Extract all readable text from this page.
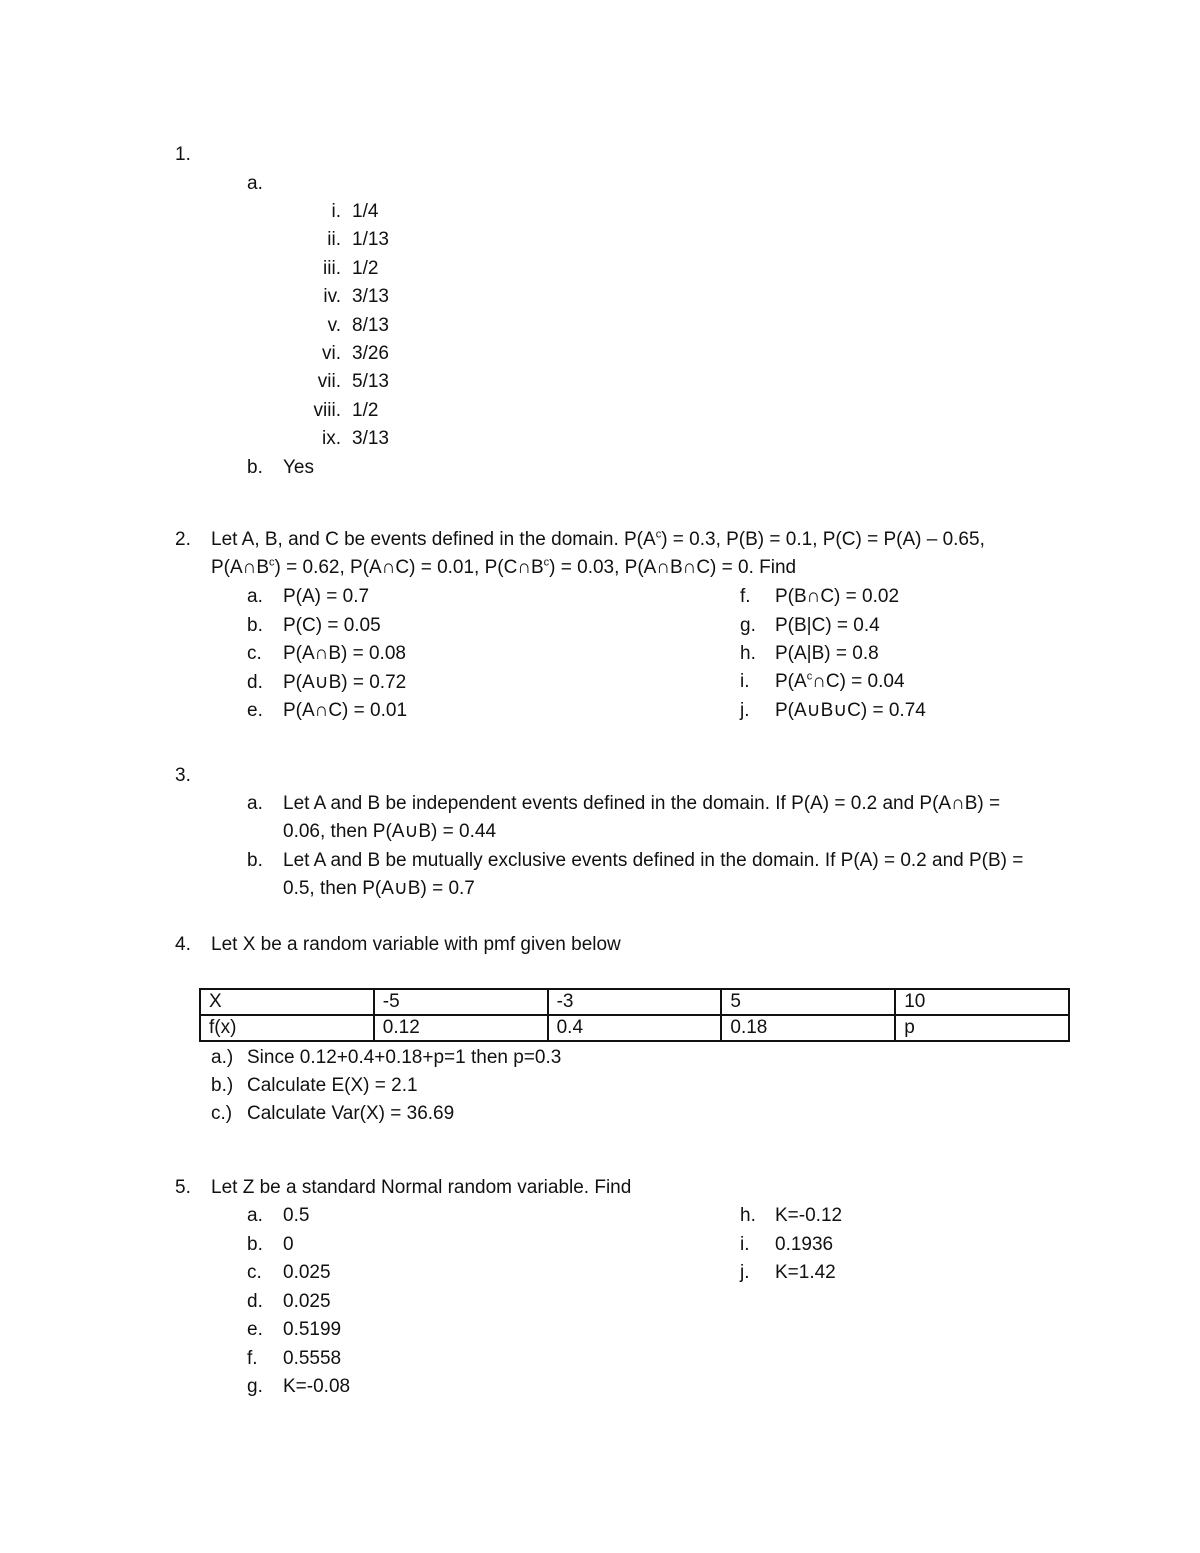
1.
a.
i. 1/4
ii. 1/13
iii. 1/2
iv. 3/13
v. 8/13
vi. 3/26
vii. 5/13
viii. 1/2
ix. 3/13
b. Yes
2. Let A, B, and C be events defined in the domain. $P(A^c) = 0.3$, P(B) = 0.1, P(C) = P(A) – 0.65,
$P(A\cap B^c) = 0.62$, P(A∩C) = 0.01, $P(C\cap B^c) = 0.03$, P(A∩B∩C) = 0. Find
a. P(A) = 0.7
b. P(C) = 0.05
c. P(A∩B) = 0.08
d. P(A∪B) = 0.72
e. P(A∩C) = 0.01
f. P(B∩C) = 0.02
g. P(B|C) = 0.4
h. P(A|B) = 0.8
j. P(A∪B∪C) = 0.74
i. $P(A^c\cap C) = 0.04$
3.
a. Let A and B be independent events defined in the domain. If P(A) = 0.2 and P(A∩B) =
0.06, then P(A∪B) = 0.44
b. Let A and B be mutually exclusive events defined in the domain. If P(A) = 0.2 and P(B) =
0.5, then P(A∪B) = 0.7
4. Let X be a random variable with pmf given below
X	-5	-3	5	10
f(x)	0.12	0.4	0.18	p
a.) Since 0.12+0.4+0.18+p=1 then p=0.3
b.) Calculate E(X) = 2.1
c.) Calculate Var(X) = 36.69
5. Let Z be a standard Normal random variable. Find
a. 0.5
b. 0
c. 0.025
d. 0.025
e. 0.5199
f. 0.5558
g. K=-0.08
h. K=-0.12
i. 0.1936
j. K=1.42
